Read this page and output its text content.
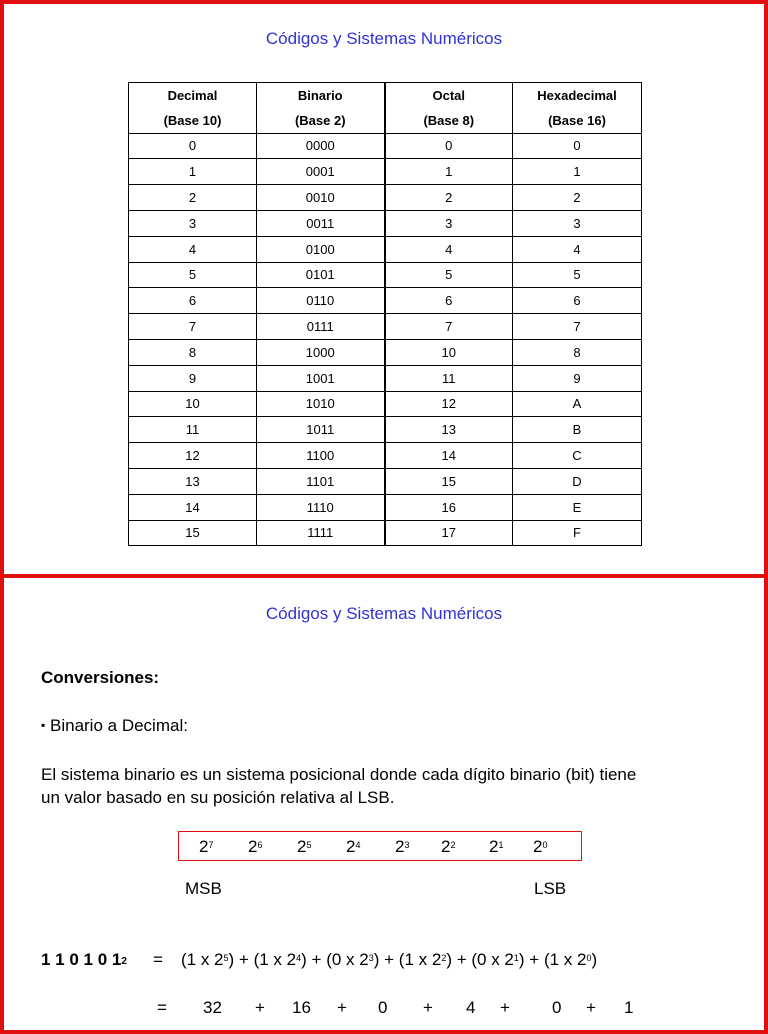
Códigos y Sistemas Numéricos
Decimal	Binario	Octal	Hexadecimal
(Base 10)	(Base 2)	(Base 8)	(Base 16)
0	0000	0	0
1	0001	1	1
2	0010	2	2
3	0011	3	3
4	0100	4	4
5	0101	5	5
6	0110	6	6
7	0111	7	7
8	1000	10	8
9	1001	11	9
10	1010	12	A
11	1011	13	B
12	1100	14	C
13	1101	15	D
14	1110	16	E
15	1111	17	F
Códigos y Sistemas Numéricos
Conversiones:
▪ Binario a Decimal:
El sistema binario es un sistema posicional donde cada dígito binario (bit) tiene
un valor basado en su posición relativa al LSB.
$2^7$ $2^6$ $2^5$ $2^4$ $2^3$ $2^2$ $2^1$ $2^0$
MSB	LSB
1 1 0 1 0 $1_2 = (1$ x $2^5) + (1$ x $2^4) + (0$ x $2^3) + (1$ x $2^2) + (0$ x $2^1) + (1$ x $2^0$)
= 32 + 16 + 0 + 4 + 0 + 1
